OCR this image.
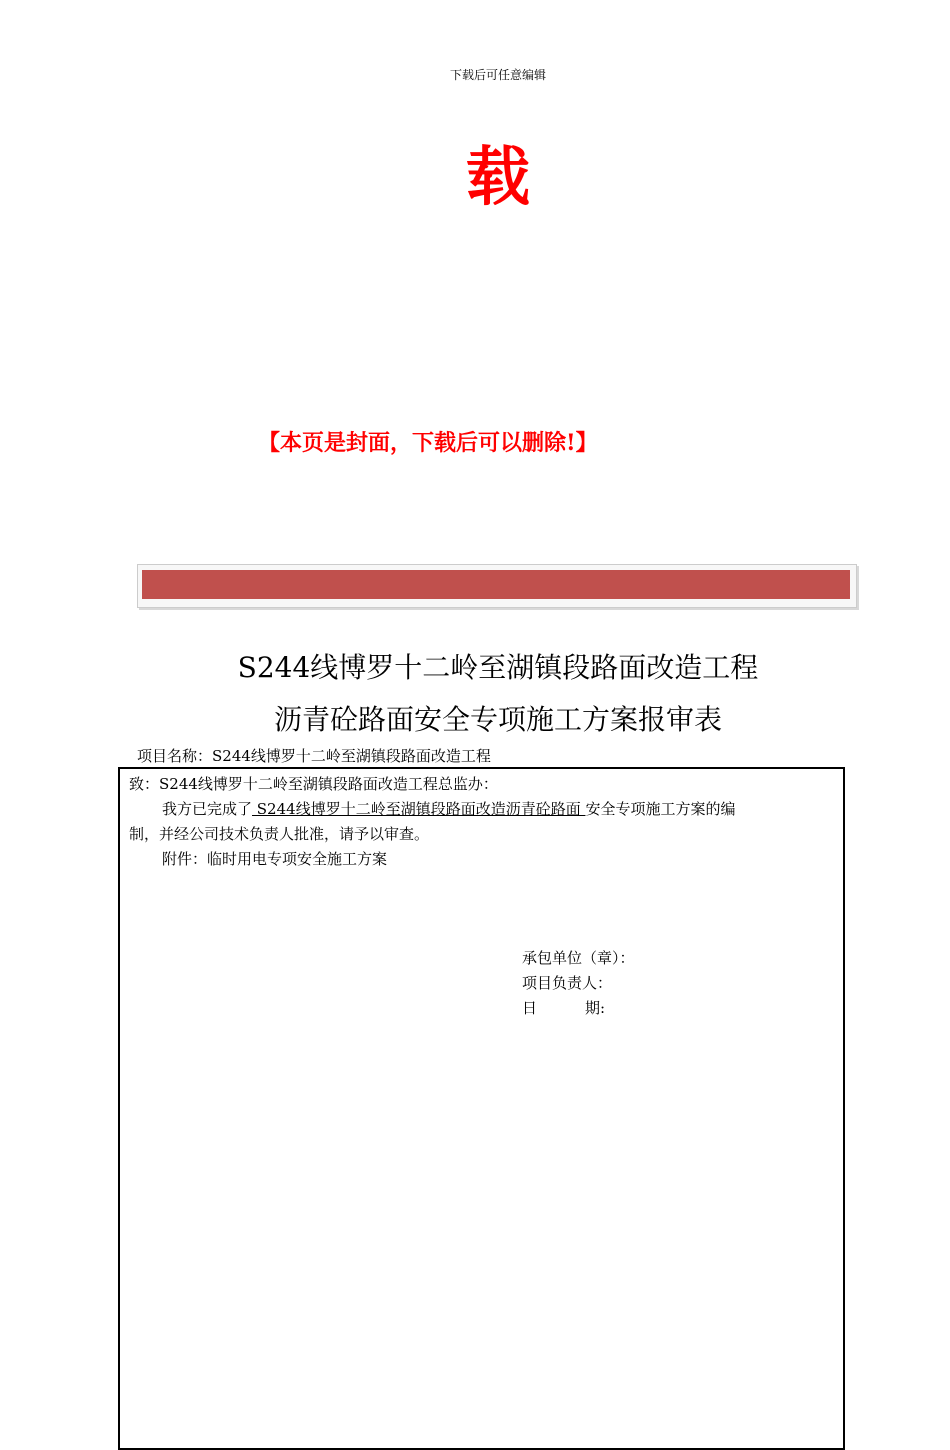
下载后可任意编辑
载
【本页是封面，下载后可以删除!】
S244线博罗十二岭至湖镇段路面改造工程
沥青砼路面安全专项施工方案报审表
项目名称：S244线博罗十二岭至湖镇段路面改造工程
致：S244线博罗十二岭至湖镇段路面改造工程总监办：
我方已完成了 S244线博罗十二岭至湖镇段路面改造沥青砼路面 安全专项施工方案的编
制，并经公司技术负责人批准，请予以审查。
附件：临时用电专项安全施工方案
承包单位（章）：
项目负责人：
日	期:
